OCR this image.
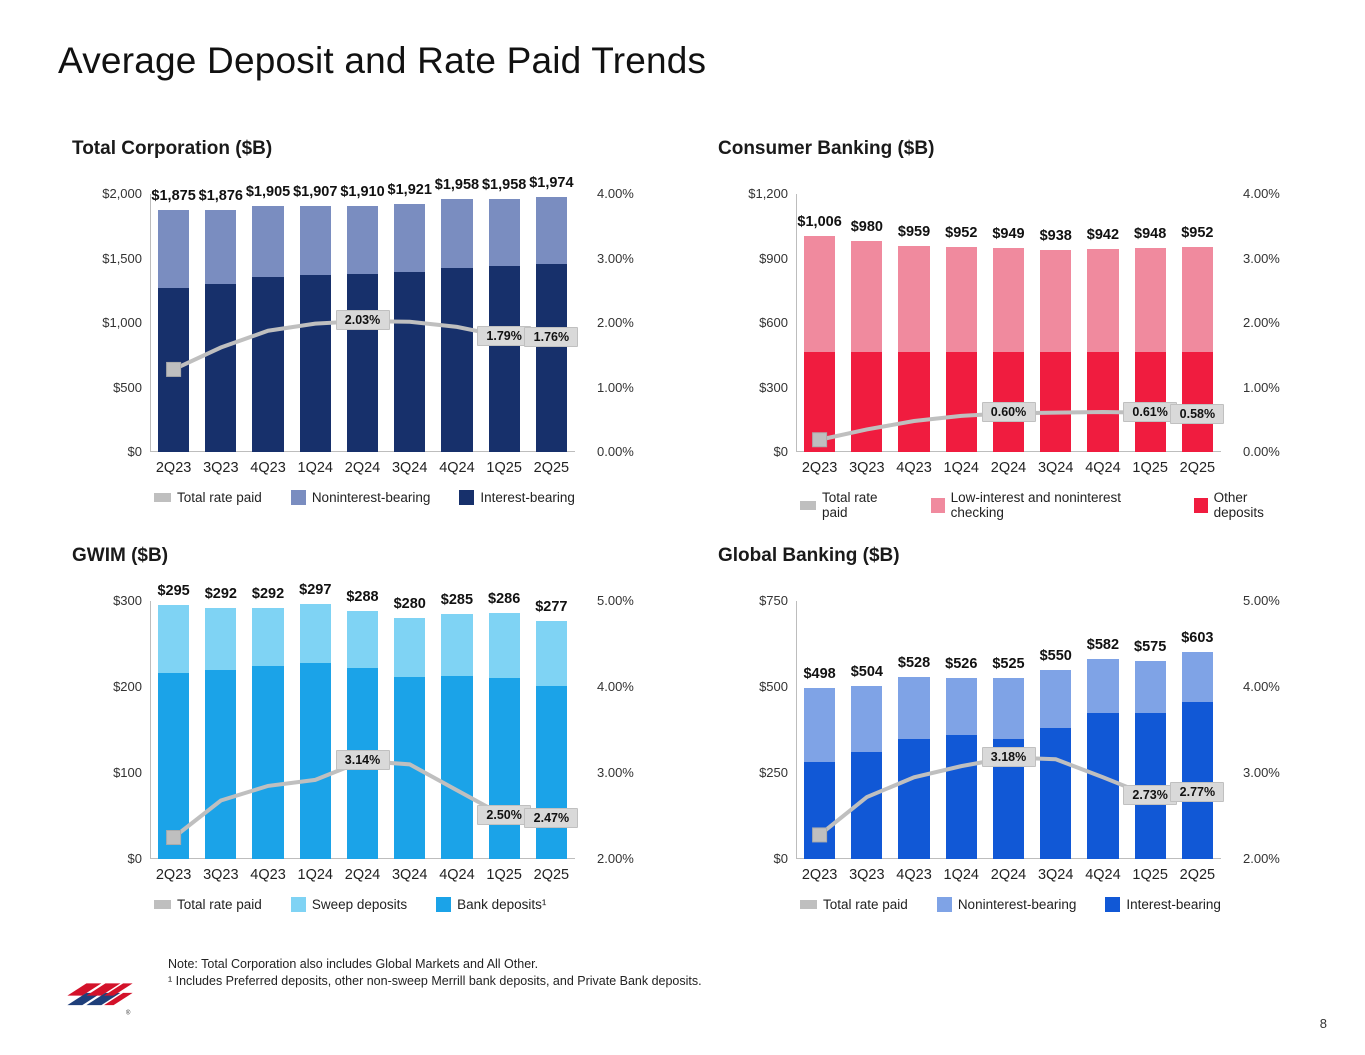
Average Deposit and Rate Paid Trends
Total Corporation ($B)
$2,000
$1,500
$1,000
$500
$0
4.00%
3.00%
2.00%
1.00%
0.00%
$1,875
2Q23
$1,876
3Q23
$1,905
4Q23
$1,907
1Q24
$1,910
2Q24
$1,921
3Q24
$1,958
4Q24
$1,958
1Q25
$1,974
2Q25
2.03%
1.79% 1.76%
Total rate paid	Noninterest-bearing	Interest-bearing
Consumer Banking ($B)
$1,200
$900
$600
$300
$0
4.00%
3.00%
2.00%
1.00%
0.00%
$1,006
2Q23
$980
3Q23
$959
4Q23
$952
1Q24
$949
2Q24
$938
3Q24
$942
4Q24
$948
1Q25
$952
2Q25
0.60%	0.61% 0.58%
Total rate paid
Low-interest and noninterest checking
Other deposits
GWIM ($B)
$300
$200
$100
$0
5.00%
4.00%
3.00%
2.00%
$295
2Q23
$292
3Q23
$292
4Q23
$297
1Q24
$288
2Q24
$280
3Q24
$285
4Q24
$286
1Q25
$277
2Q25
3.14%
2.50% 2.47%
Total rate paid	Sweep deposits	Bank deposits¹
Global Banking ($B)
$750
$500
$250
$0
5.00%
4.00%
3.00%
2.00%
$498
2Q23
$504
3Q23
$528
4Q23
$526
1Q24
$525
2Q24
$550
3Q24
$582
4Q24
$575
1Q25
$603
2Q25
3.18%
2.73% 2.77%
Total rate paid	Noninterest-bearing	Interest-bearing
Note: Total Corporation also includes Global Markets and All Other.
¹ Includes Preferred deposits, other non-sweep Merrill bank deposits, and Private Bank deposits.
®
8
